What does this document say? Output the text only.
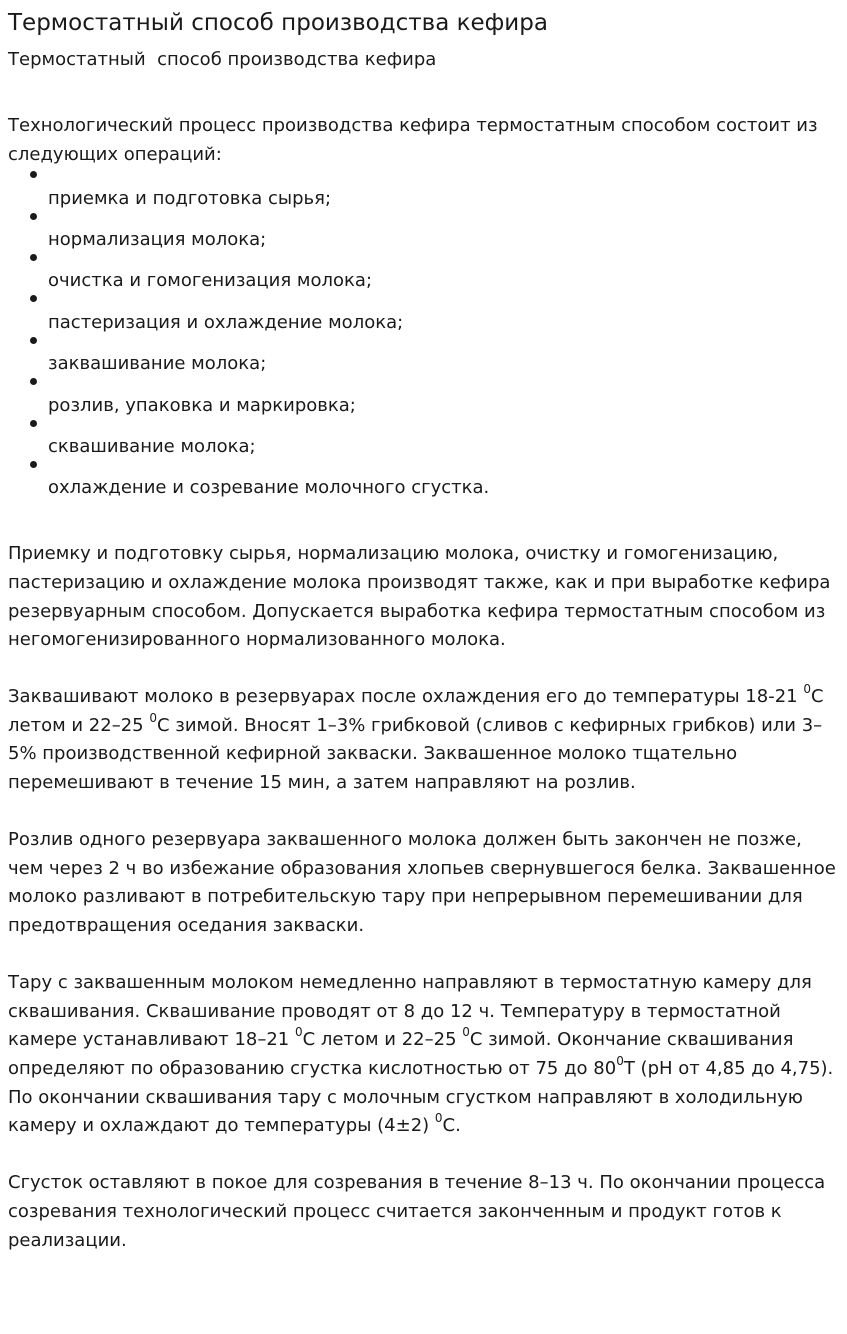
Термостатный способ производства кефира
Термостатный  способ производства кефира

Технологический процесс производства кефира термостатным способом состоит из следующих операций:

приемка и подготовка сырья;
нормализация молока;
очистка и гомогенизация молока;
пастеризация и охлаждение молока;
заквашивание молока;
розлив, упаковка и маркировка;
сквашивание молока;
охлаждение и созревание молочного сгустка.

Приемку и подготовку сырья, нормализацию молока, очистку и гомогенизацию, пастеризацию и охлаждение молока производят также, как и при выработке кефира резервуарным способом. Допускается выработка кефира термостатным способом из негомогенизированного нормализованного молока.

Заквашивают молоко в резервуарах после охлаждения его до температуры 18-21 $^0$С летом и 22–25 $^0$С зимой. Вносят 1–3% грибковой (сливов с кефирных грибков) или 3–5% производственной кефирной закваски. Заквашенное молоко тщательно перемешивают в течение 15 мин, а затем направляют на розлив.

Розлив одного резервуара заквашенного молока должен быть закончен не позже, чем через 2 ч во избежание образования хлопьев свернувшегося белка. Заквашенное молоко разливают в потребительскую тару при непрерывном перемешивании для предотвращения оседания закваски.

Тару с заквашенным молоком немедленно направляют в термостатную камеру для сквашивания. Сквашивание проводят от 8 до 12 ч. Температуру в термостатной камере устанавливают 18–21 $^0$С летом и 22–25 $^0$С зимой. Окончание сквашивания определяют по образованию сгустка кислотностью от 75 до $80^0Т$ (рН от 4,85 до 4,75). По окончании сквашивания тару с молочным сгустком направляют в холодильную камеру и охлаждают до температуры (4±2) $^0$С.

Сгусток оставляют в покое для созревания в течение 8–13 ч. По окончании процесса созревания технологический процесс считается законченным и продукт готов к реализации.
